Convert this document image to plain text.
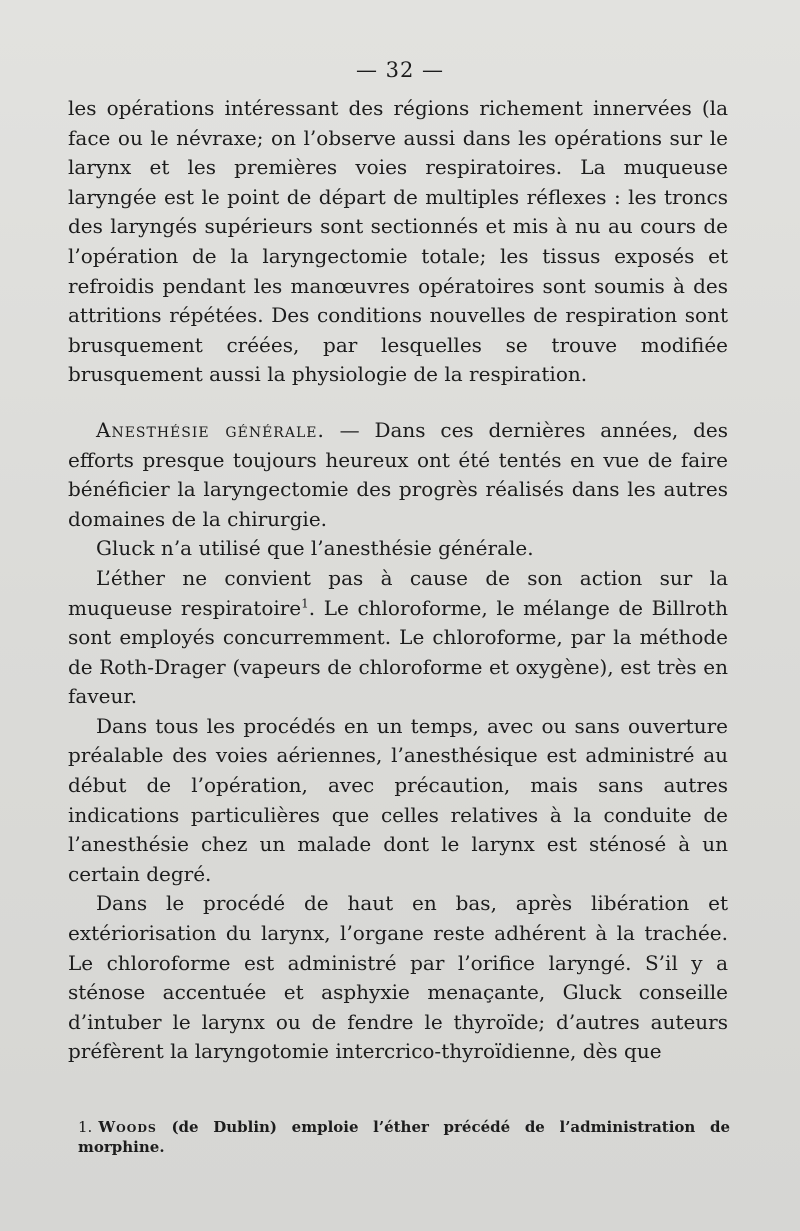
— 32 —

les opérations intéressant des régions richement innervées (la face ou le névraxe; on l’observe aussi dans les opérations sur le larynx et les premières voies respiratoires. La muqueuse laryngée est le point de départ de multiples réflexes : les troncs des laryngés supérieurs sont sectionnés et mis à nu au cours de l’opération de la laryngectomie totale; les tissus exposés et refroidis pendant les manœuvres opératoires sont soumis à des attritions répétées. Des conditions nouvelles de respiration sont brusquement créées, par lesquelles se trouve modifiée brusquement aussi la physiologie de la respiration.

Anesthésie générale. — Dans ces dernières années, des efforts presque toujours heureux ont été tentés en vue de faire bénéficier la laryngectomie des progrès réalisés dans les autres domaines de la chirurgie.

Gluck n’a utilisé que l’anesthésie générale.

L’éther ne convient pas à cause de son action sur la muqueuse respiratoire$^1$. Le chloroforme, le mélange de Billroth sont employés concurremment. Le chloroforme, par la méthode de Roth-Drager (vapeurs de chloroforme et oxygène), est très en faveur.

Dans tous les procédés en un temps, avec ou sans ouverture préalable des voies aériennes, l’anesthésique est administré au début de l’opération, avec précaution, mais sans autres indications particulières que celles relatives à la conduite de l’anesthésie chez un malade dont le larynx est sténosé à un certain degré.

Dans le procédé de haut en bas, après libération et extériorisation du larynx, l’organe reste adhérent à la trachée. Le chloroforme est administré par l’orifice laryngé. S’il y a sténose accentuée et asphyxie menaçante, Gluck conseille d’intuber le larynx ou de fendre le thyroïde; d’autres auteurs préfèrent la laryngotomie intercrico-thyroïdienne, dès que

1. Woods (de Dublin) emploie l’éther précédé de l’administration de morphine.
